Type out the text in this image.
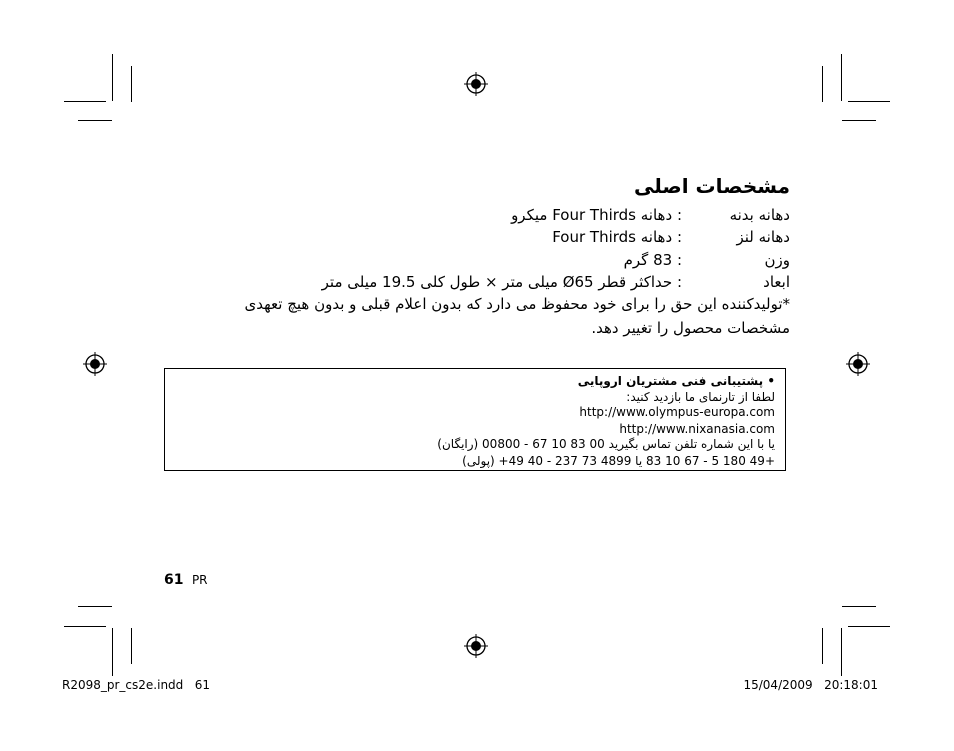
مشخصات اصلی
دهانه بدنه
: دهانه Four Thirds میکرو
دهانه لنز
: دهانه Four Thirds
وزن
: 83 گرم
ابعاد
: حداکثر قطر Ø65 میلی متر × طول کلی 19.5 میلی متر
*تولیدکننده این حق را برای خود محفوظ می دارد که بدون اعلام قبلی و بدون هیچ تعهدی مشخصات محصول را تغییر دهد.
• پشتیبانی فنی مشتریان اروپایی
لطفا از تارنمای ما بازدید کنید:
http://www.olympus-europa.com
http://www.nixanasia.com
یا با این شماره تلفن تماس بگیرید 00 83 10 67 - 00800 (رایگان)
+49 180 5 - 67 10 83 یا 4899 73 237 - 40 49+ (پولی)
61 PR
R2098_pr_cs2e.indd   61	15/04/2009   20:18:01
